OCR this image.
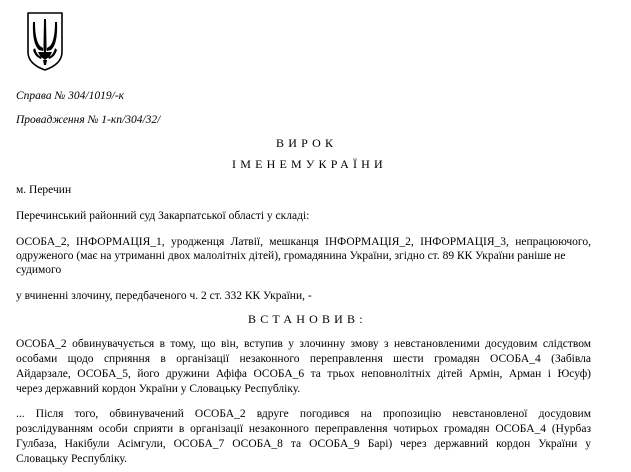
Справа № 304/1019/-к
Провадження № 1-кп/304/32/
ВИРОК
ІМЕНЕМУКРАЇНИ
м. Перечин
Перечинський районний суд Закарпатської області у складі:
ОСОБА_2, ІНФОРМАЦІЯ_1, уродженця Латвії, мешканця ІНФОРМАЦІЯ_2, ІНФОРМАЦІЯ_3, непрацюючого,
одруженого (має на утриманні двох малолітніх дітей), громадянина України, згідно ст. 89 КК України раніше не
судимого
у вчиненні злочину, передбаченого ч. 2 ст. 332 КК України, -
ВСТАНОВИВ:
ОСОБА_2 обвинувачується в тому, що він, вступив у злочинну змову з невстановленими досудовим слідством
особами щодо сприяння в організації незаконного переправлення шести громадян ОСОБА_4 (Забівла
Айдарзале, ОСОБА_5, його дружини Афіфа ОСОБА_6 та трьох неповнолітніх дітей Армін, Арман і Юсуф)
через державний кордон України у Словацьку Республіку.
... Після того, обвинувачений ОСОБА_2 вдруге погодився на пропозицію невстановленої досудовим
розслідуванням особи сприяти в організації незаконного переправлення чотирьох громадян ОСОБА_4 (Нурбаз
Гулбаза, Накібули Асімгули, ОСОБА_7 ОСОБА_8 та ОСОБА_9 Барі) через державний кордон України у
Словацьку Республіку.
